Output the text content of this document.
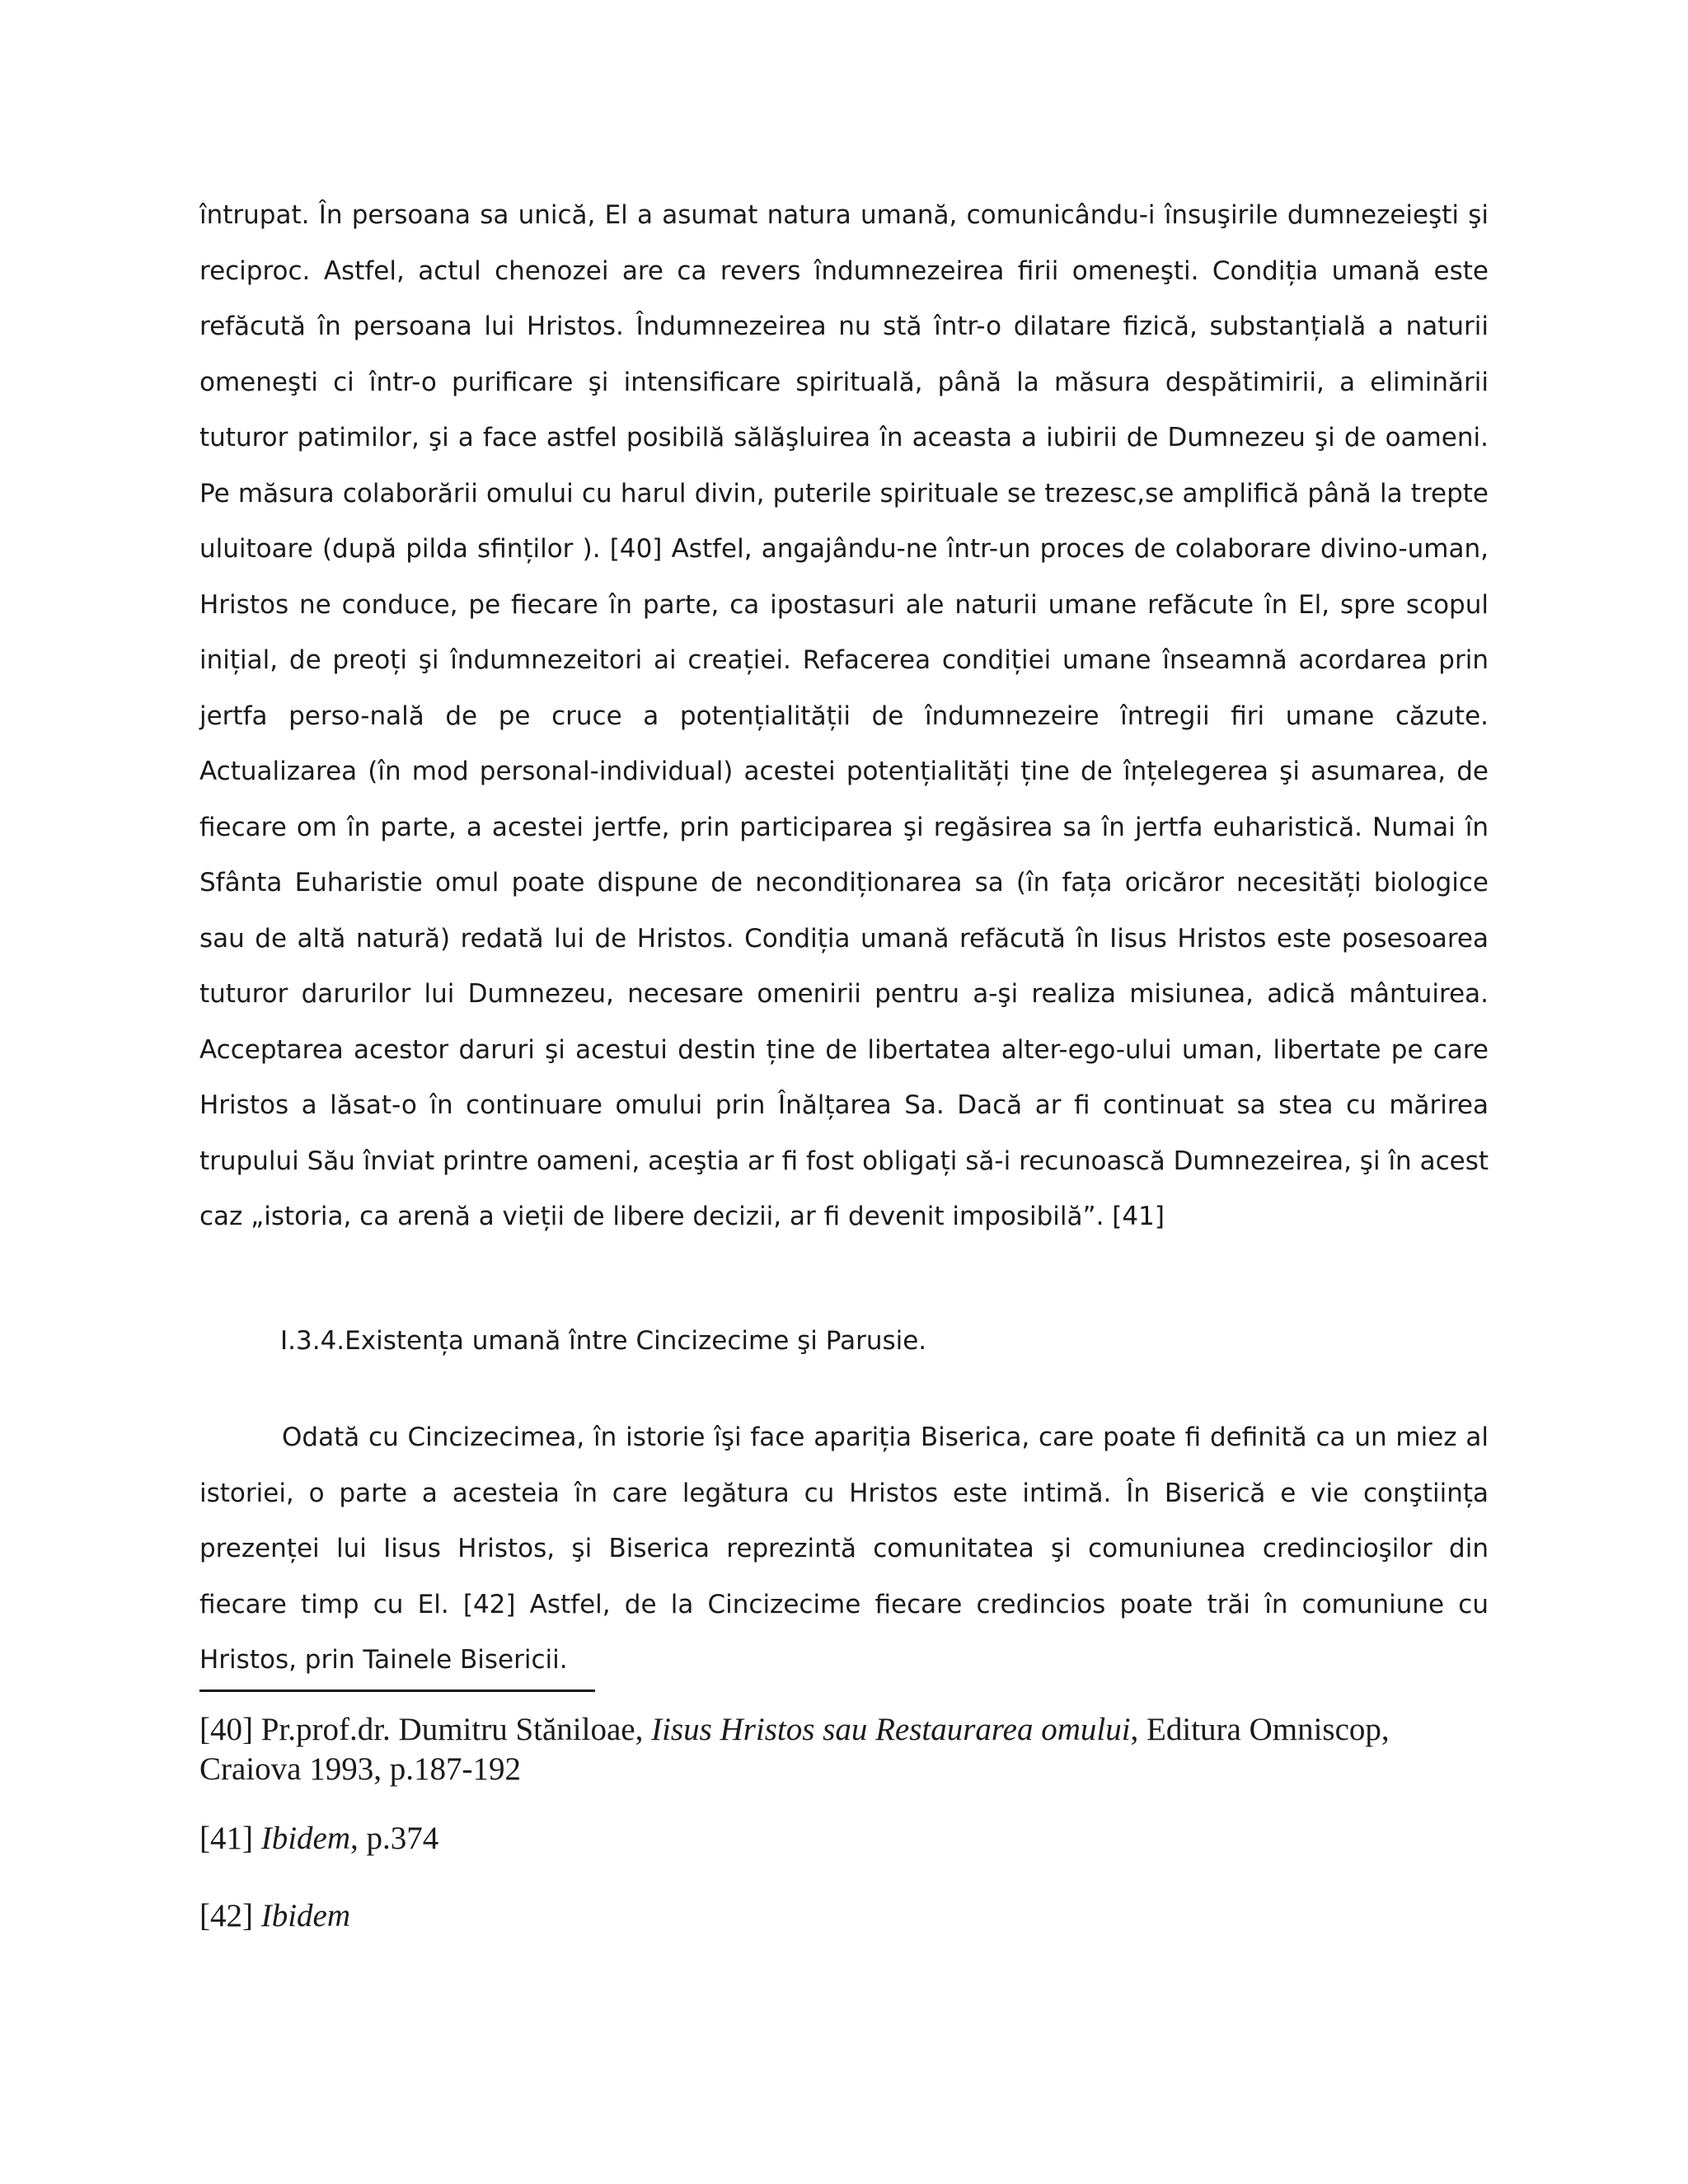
întrupat. În persoana sa unică, El a asumat natura umană, comunicându-i însuşirile dumnezeieşti şi reciproc. Astfel, actul chenozei are ca revers îndumnezeirea firii omeneşti. Condiția umană este refăcută în persoana lui Hristos. Îndumnezeirea nu stă într-o dilatare fizică, substanțială a naturii omeneşti ci într-o purificare şi intensificare spirituală, până la măsura despătimirii, a eliminării tuturor patimilor, şi a face astfel posibilă sălăşluirea în aceasta a iubirii de Dumnezeu şi de oameni. Pe măsura colaborării omului cu harul divin, puterile spirituale se trezesc,se amplifică până la trepte uluitoare (după pilda sfinților ). [40] Astfel, angajându-ne într-un proces de colaborare divino-uman, Hristos ne conduce, pe fiecare în parte, ca ipostasuri ale naturii umane refăcute în El, spre scopul inițial, de preoți şi îndumnezeitori ai creației. Refacerea condiției umane înseamnă acordarea prin jertfa perso-nală de pe cruce a potențialității de îndumnezeire întregii firi umane căzute. Actualizarea (în mod personal-individual) acestei potențialități ține de înțelegerea şi asumarea, de fiecare om în parte, a acestei jertfe, prin participarea şi regăsirea sa în jertfa euharistică. Numai în Sfânta Euharistie omul poate dispune de necondiționarea sa (în fața oricăror necesități biologice sau de altă natură) redată lui de Hristos. Condiția umană refăcută în Iisus Hristos este posesoarea tuturor darurilor lui Dumnezeu, necesare omenirii pentru a-şi realiza misiunea, adică mântuirea. Acceptarea acestor daruri şi acestui destin ține de libertatea alter-ego-ului uman, libertate pe care Hristos a lăsat-o în continuare omului prin Înălțarea Sa. Dacă ar fi continuat sa stea cu mărirea trupului Său înviat printre oameni, aceştia ar fi fost obligați să-i recunoască Dumnezeirea, şi în acest caz „istoria, ca arenă a vieții de libere decizii, ar fi devenit imposibilă”. [41]

I.3.4.Existența umană între Cincizecime şi Parusie.

Odată cu Cincizecimea, în istorie îşi face apariția Biserica, care poate fi definită ca un miez al istoriei, o parte a acesteia în care legătura cu Hristos este intimă. În Biserică e vie conştiința prezenței lui Iisus Hristos, şi Biserica reprezintă comunitatea şi comuniunea credincioşilor din fiecare timp cu El. [42] Astfel, de la Cincizecime fiecare credincios poate trăi în comuniune cu Hristos, prin Tainele Bisericii.

[40] Pr.prof.dr. Dumitru Stăniloae, Iisus Hristos sau Restaurarea omului, Editura Omniscop, Craiova 1993, p.187-192

[41] Ibidem, p.374

[42] Ibidem
